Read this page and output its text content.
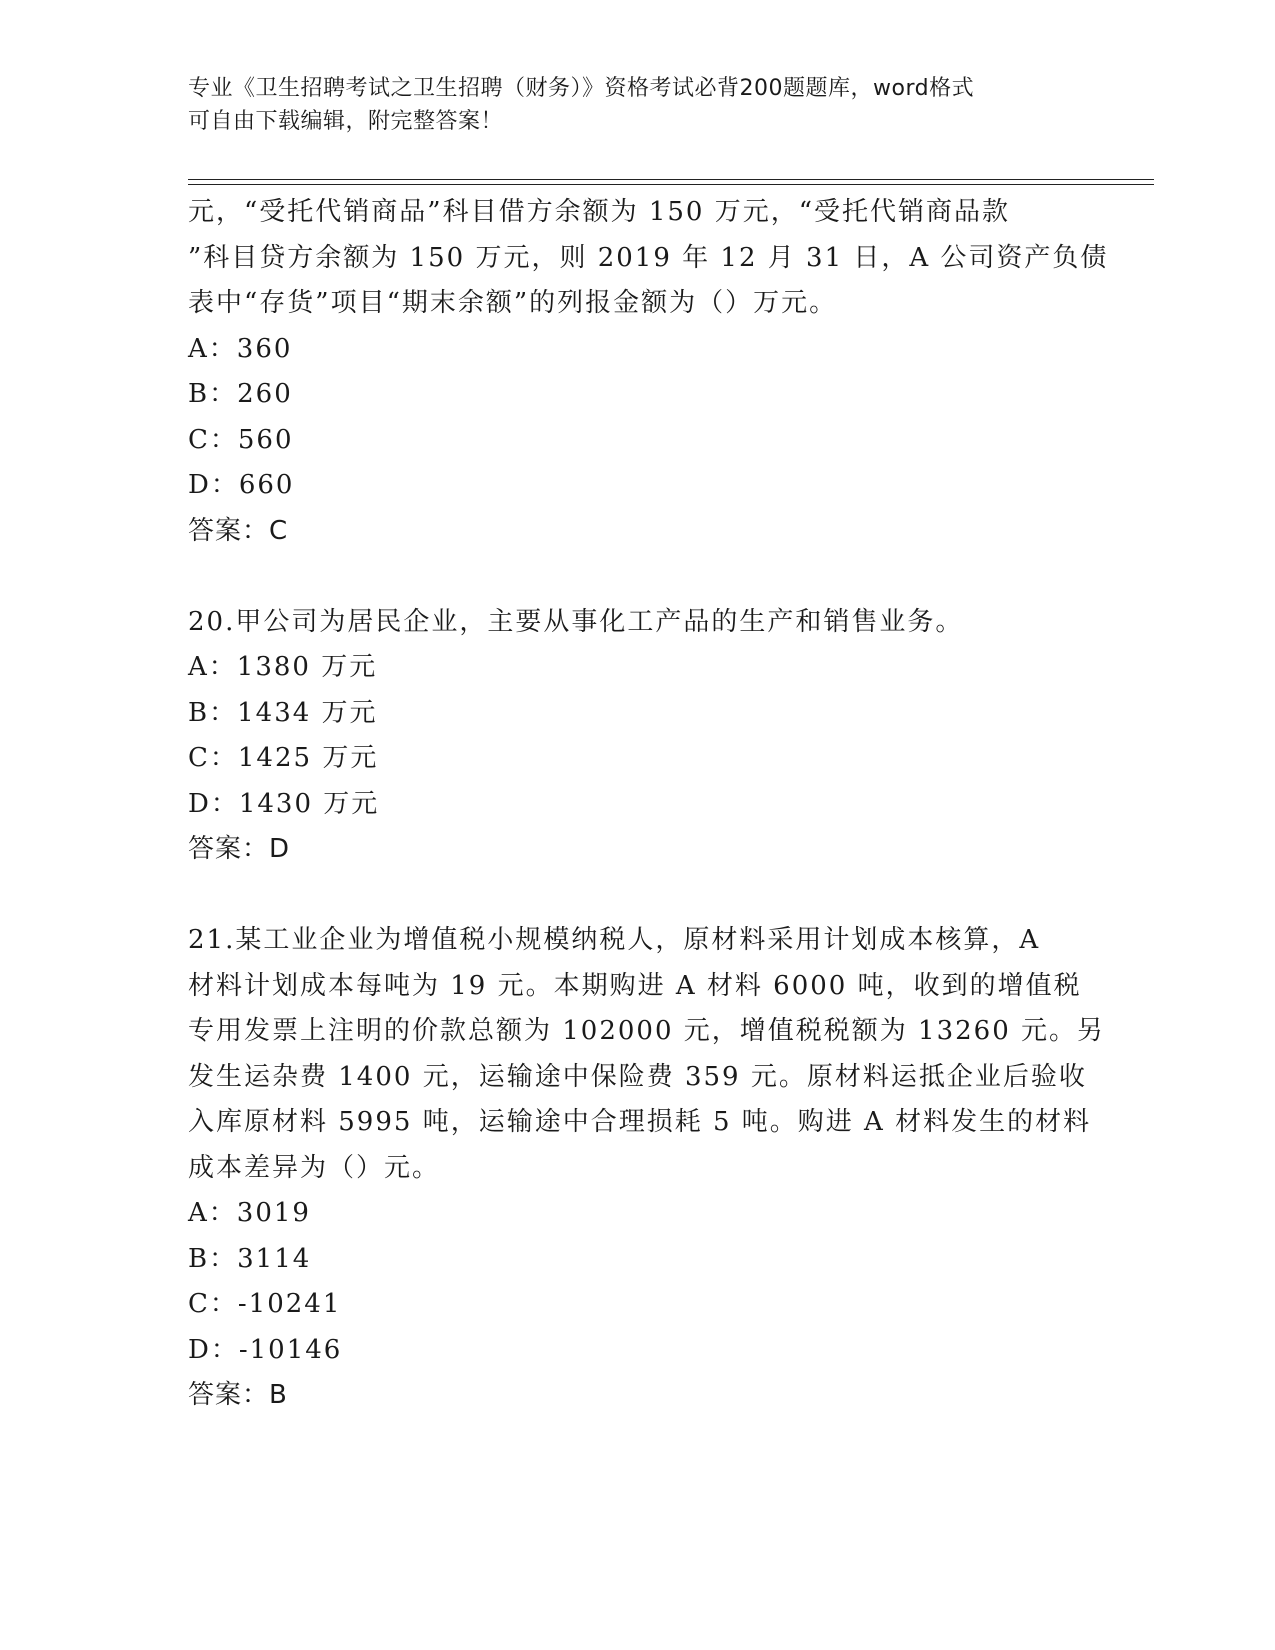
专业《卫生招聘考试之卫生招聘（财务）》资格考试必背200题题库，word格式
可自由下载编辑，附完整答案！
元，“受托代销商品”科目借方余额为 150 万元，“受托代销商品款
”科目贷方余额为 150 万元，则 2019 年 12 月 31 日，A 公司资产负债
表中“存货”项目“期末余额”的列报金额为（）万元。
A：360
B：260
C：560
D：660
答案：C
20.甲公司为居民企业，主要从事化工产品的生产和销售业务。
A：1380 万元
B：1434 万元
C：1425 万元
D：1430 万元
答案：D
21.某工业企业为增值税小规模纳税人，原材料采用计划成本核算，A
材料计划成本每吨为 19 元。本期购进 A 材料 6000 吨，收到的增值税
专用发票上注明的价款总额为 102000 元，增值税税额为 13260 元。另
发生运杂费 1400 元，运输途中保险费 359 元。原材料运抵企业后验收
入库原材料 5995 吨，运输途中合理损耗 5 吨。购进 A 材料发生的材料
成本差异为（）元。
A：3019
B：3114
C：-10241
D：-10146
答案：B
